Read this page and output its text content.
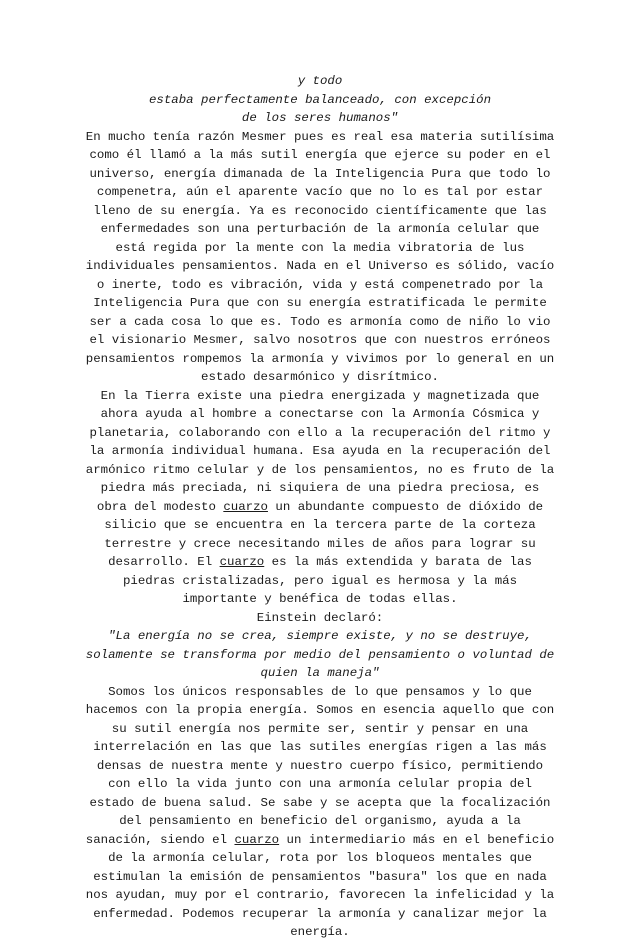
y todo

estaba perfectamente balanceado, con excepción

de los seres humanos"

En mucho tenía razón Mesmer pues es real esa materia sutilísima como él llamó a la más sutil energía que ejerce su poder en el universo, energía dimanada de la Inteligencia Pura que todo lo compenetra, aún el aparente vacío que no lo es tal por estar lleno de su energía. Ya es reconocido científicamente que las enfermedades son una perturbación de la armonía celular que está regida por la mente con la media vibratoria de lus individuales pensamientos. Nada en el Universo es sólido, vacío o inerte, todo es vibración, vida y está compenetrado por la Inteligencia Pura que con su energía estratificada le permite ser a cada cosa lo que es. Todo es armonía como de niño lo vio el visionario Mesmer, salvo nosotros que con nuestros erróneos pensamientos rompemos la armonía y vivimos por lo general en un estado desarmónico y disrítmico.

En la Tierra existe una piedra energizada y magnetizada que ahora ayuda al hombre a conectarse con la Armonía Cósmica y planetaria, colaborando con ello a la recuperación del ritmo y la armonía individual humana. Esa ayuda en la recuperación del armónico ritmo celular y de los pensamientos, no es fruto de la piedra más preciada, ni siquiera de una piedra preciosa, es obra del modesto cuarzo un abundante compuesto de dióxido de silicio que se encuentra en la tercera parte de la corteza terrestre y crece necesitando miles de años para lograr su desarrollo. El cuarzo es la más extendida y barata de las piedras cristalizadas, pero igual es hermosa y la más importante y benéfica de todas ellas.

Einstein declaró:

"La energía no se crea, siempre existe, y no se destruye,

solamente se transforma por medio del pensamiento o voluntad de

quien la maneja"

Somos los únicos responsables de lo que pensamos y lo que hacemos con la propia energía. Somos en esencia aquello que con su sutil energía nos permite ser, sentir y pensar en una interrelación en las que las sutiles energías rigen a las más densas de nuestra mente y nuestro cuerpo físico, permitiendo con ello la vida junto con una armonía celular propia del estado de buena salud. Se sabe y se acepta que la focalización del pensamiento en beneficio del organismo, ayuda a la sanación, siendo el cuarzo un intermediario más en el beneficio de la armonía celular, rota por los bloqueos mentales que estimulan la emisión de pensamientos "basura" los que en nada nos ayudan, muy por el contrario, favorecen la infelicidad y la enfermedad. Podemos recuperar la armonía y canalizar mejor la energía.
